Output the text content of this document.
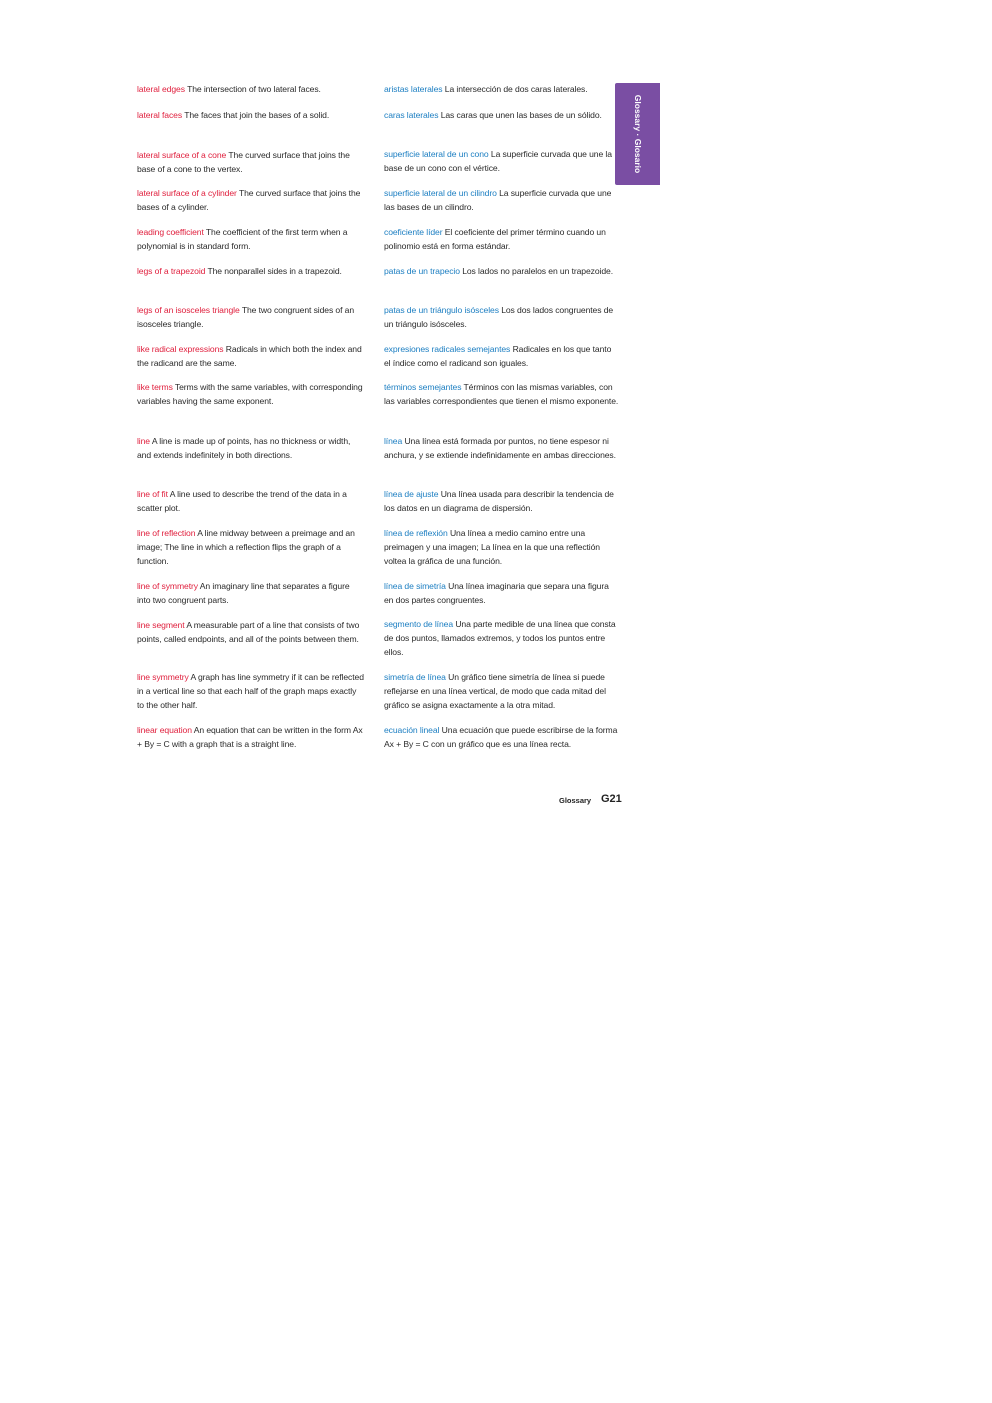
Glossary · Glosario

lateral edges The intersection of two lateral faces.

lateral faces The faces that join the bases of a solid.

lateral surface of a cone The curved surface that joins the base of a cone to the vertex.

lateral surface of a cylinder The curved surface that joins the bases of a cylinder.

leading coefficient The coefficient of the first term when a polynomial is in standard form.

legs of a trapezoid The nonparallel sides in a trapezoid.

legs of an isosceles triangle The two congruent sides of an isosceles triangle.

like radical expressions Radicals in which both the index and the radicand are the same.

like terms Terms with the same variables, with corresponding variables having the same exponent.

line A line is made up of points, has no thickness or width, and extends indefinitely in both directions.

line of fit A line used to describe the trend of the data in a scatter plot.

line of reflection A line midway between a preimage and an image; The line in which a reflection flips the graph of a function.

line of symmetry An imaginary line that separates a figure into two congruent parts.

line segment A measurable part of a line that consists of two points, called endpoints, and all of the points between them.

line symmetry A graph has line symmetry if it can be reflected in a vertical line so that each half of the graph maps exactly to the other half.

linear equation An equation that can be written in the form Ax + By = C with a graph that is a straight line.

aristas laterales La intersección de dos caras laterales.

caras laterales Las caras que unen las bases de un sólido.

superficie lateral de un cono La superficie curvada que une la base de un cono con el vértice.

superficie lateral de un cilindro La superficie curvada que une las bases de un cilindro.

coeficiente líder El coeficiente del primer término cuando un polinomio está en forma estándar.

patas de un trapecio Los lados no paralelos en un trapezoide.

patas de un triángulo isósceles Los dos lados congruentes de un triángulo isósceles.

expresiones radicales semejantes Radicales en los que tanto el índice como el radicand son iguales.

términos semejantes Términos con las mismas variables, con las variables correspondientes que tienen el mismo exponente.

línea Una línea está formada por puntos, no tiene espesor ni anchura, y se extiende indefinidamente en ambas direcciones.

línea de ajuste Una línea usada para describir la tendencia de los datos en un diagrama de dispersión.

línea de reflexión Una línea a medio camino entre una preimagen y una imagen; La línea en la que una reflectión voltea la gráfica de una función.

línea de simetría Una línea imaginaria que separa una figura en dos partes congruentes.

segmento de línea Una parte medible de una línea que consta de dos puntos, llamados extremos, y todos los puntos entre ellos.

simetría de línea Un gráfico tiene simetría de línea si puede reflejarse en una línea vertical, de modo que cada mitad del gráfico se asigna exactamente a la otra mitad.

ecuación lineal Una ecuación que puede escribirse de la forma Ax + By = C con un gráfico que es una línea recta.

Glossary G21
